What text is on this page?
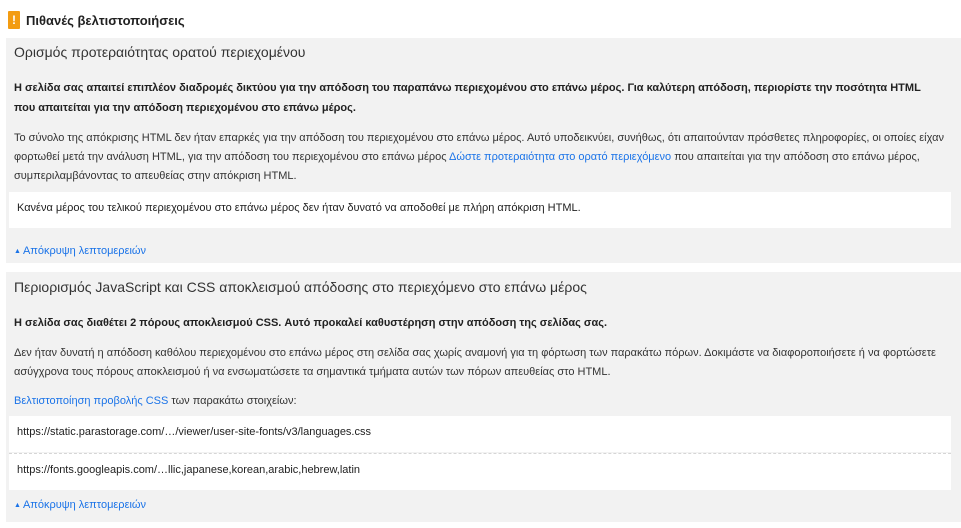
! Πιθανές βελτιστοποιήσεις
Ορισμός προτεραιότητας ορατού περιεχομένου
Η σελίδα σας απαιτεί επιπλέον διαδρομές δικτύου για την απόδοση του παραπάνω περιεχομένου στο επάνω μέρος. Για καλύτερη απόδοση, περιορίστε την ποσότητα HTML που απαιτείται για την απόδοση περιεχομένου στο επάνω μέρος.
Το σύνολο της απόκρισης HTML δεν ήταν επαρκές για την απόδοση του περιεχομένου στο επάνω μέρος. Αυτό υποδεικνύει, συνήθως, ότι απαιτούνταν πρόσθετες πληροφορίες, οι οποίες είχαν φορτωθεί μετά την ανάλυση HTML, για την απόδοση του περιεχομένου στο επάνω μέρος Δώστε προτεραιότητα στο ορατό περιεχόμενο που απαιτείται για την απόδοση στο επάνω μέρος, συμπεριλαμβάνοντας το απευθείας στην απόκριση HTML.
Κανένα μέρος του τελικού περιεχομένου στο επάνω μέρος δεν ήταν δυνατό να αποδοθεί με πλήρη απόκριση HTML.
▲ Απόκρυψη λεπτομερειών
Περιορισμός JavaScript και CSS αποκλεισμού απόδοσης στο περιεχόμενο στο επάνω μέρος
Η σελίδα σας διαθέτει 2 πόρους αποκλεισμού CSS. Αυτό προκαλεί καθυστέρηση στην απόδοση της σελίδας σας.
Δεν ήταν δυνατή η απόδοση καθόλου περιεχομένου στο επάνω μέρος στη σελίδα σας χωρίς αναμονή για τη φόρτωση των παρακάτω πόρων. Δοκιμάστε να διαφοροποιήσετε ή να φορτώσετε ασύγχρονα τους πόρους αποκλεισμού ή να ενσωματώσετε τα σημαντικά τμήματα αυτών των πόρων απευθείας στο HTML.
Βελτιστοποίηση προβολής CSS των παρακάτω στοιχείων:
https://static.parastorage.com/…/viewer/user-site-fonts/v3/languages.css
https://fonts.googleapis.com/…llic,japanese,korean,arabic,hebrew,latin
▲ Απόκρυψη λεπτομερειών
